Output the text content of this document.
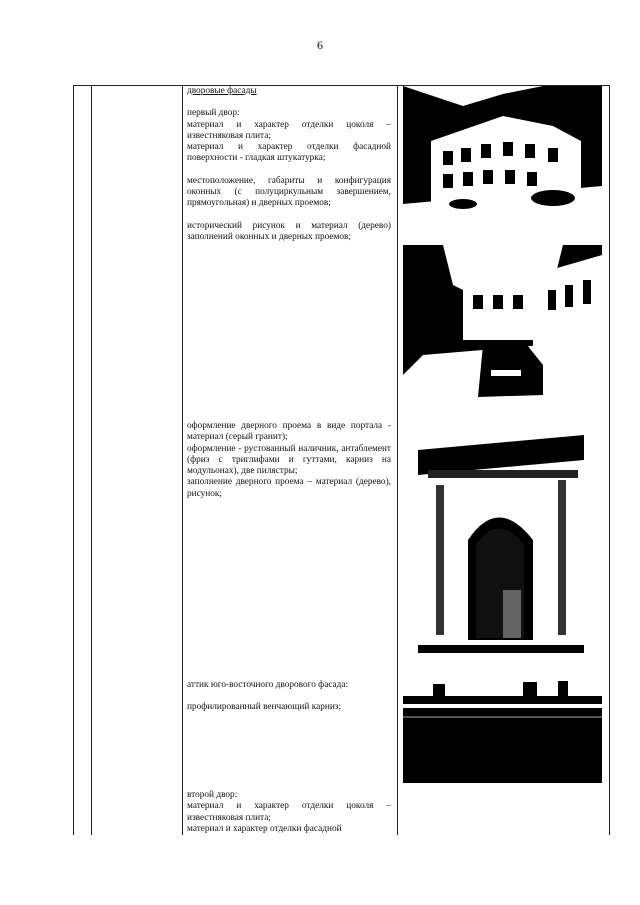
6

дворовые фасады

первый двор:

материал и характер отделки цоколя – известняковая плита;

материал и характер отделки фасадной поверхности - гладкая штукатурка;

местоположение, габариты и конфигурация оконных (с полуциркульным завершением, прямоугольная) и дверных проемов;

исторический рисунок и материал (дерево) заполнений оконных и дверных проемов;

оформление дверного проема в виде портала - материал (серый гранит);

оформление - рустованный наличник, антаблемент (фриз с триглифами и гуттами, карниз на модульонах), две пилястры;

заполнение дверного проема – материал (дерево), рисунок;

аттик юго-восточного дворового фасада:

профилированный венчающий карниз;

второй двор:

материал и характер отделки цоколя – известняковая плита;

материал и характер отделки фасадной
